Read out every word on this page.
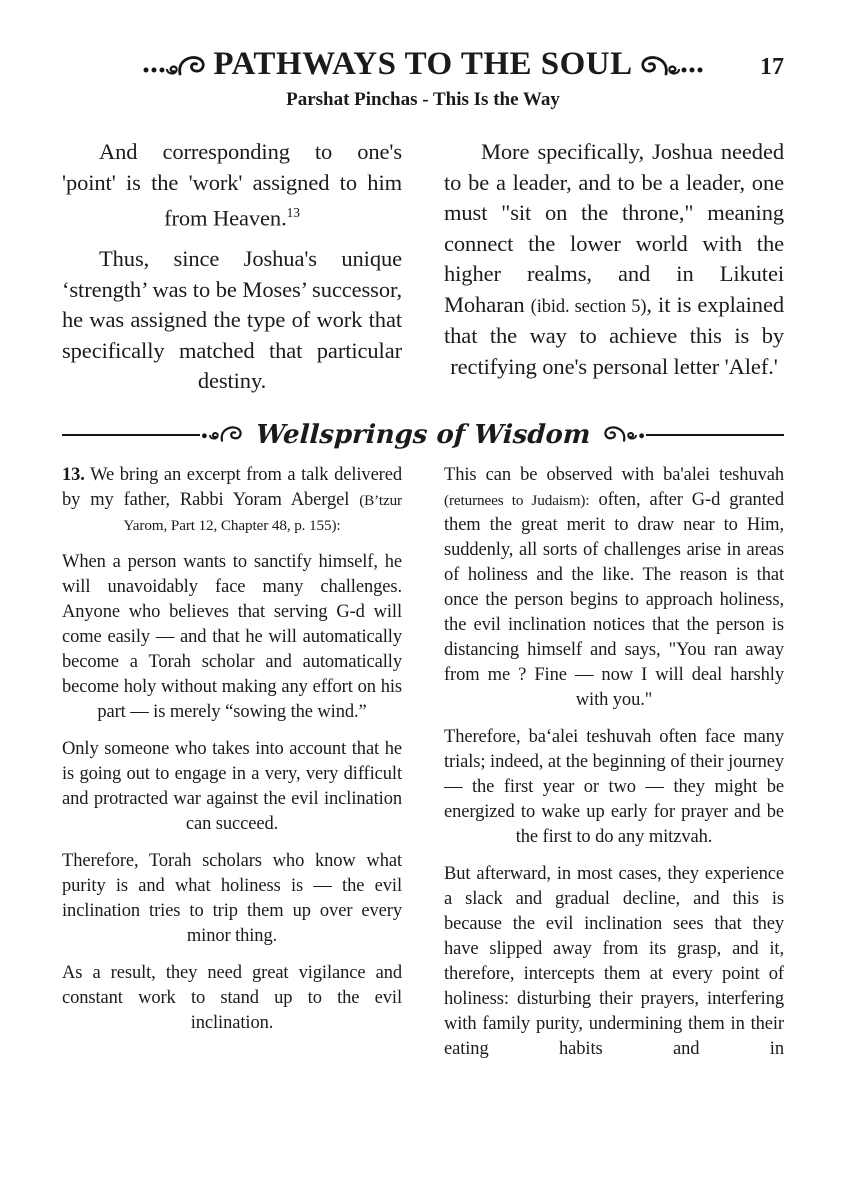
17
PATHWAYS TO THE SOUL
Parshat Pinchas - This Is the Way

And corresponding to one's 'point' is the 'work' assigned to him from Heaven.$^{13}$

Thus, since Joshua's unique ‘strength’ was to be Moses’ successor, he was assigned the type of work that specifically matched that particular destiny.

More specifically, Joshua needed to be a leader, and to be a leader, one must "sit on the throne," meaning connect the lower world with the higher realms, and in Likutei Moharan (ibid. section 5), it is explained that the way to achieve this is by rectifying one's personal letter 'Alef.'

Wellsprings of Wisdom

13. We bring an excerpt from a talk delivered by my father, Rabbi Yoram Abergel (B’tzur Yarom, Part 12, Chapter 48, p. 155):

When a person wants to sanctify himself, he will unavoidably face many challenges. Anyone who believes that serving G-d will come easily — and that he will automatically become a Torah scholar and automatically become holy without making any effort on his part — is merely “sowing the wind.”

Only someone who takes into account that he is going out to engage in a very, very difficult and protracted war against the evil inclination can succeed.

Therefore, Torah scholars who know what purity is and what holiness is — the evil inclination tries to trip them up over every minor thing.

As a result, they need great vigilance and constant work to stand up to the evil inclination.

This can be observed with ba'alei teshuvah (returnees to Judaism): often, after G-d granted them the great merit to draw near to Him, suddenly, all sorts of challenges arise in areas of holiness and the like. The reason is that once the person begins to approach holiness, the evil inclination notices that the person is distancing himself and says, "You ran away from me ? Fine — now I will deal harshly with you."

Therefore, ba‘alei teshuvah often face many trials; indeed, at the beginning of their journey — the first year or two — they might be energized to wake up early for prayer and be the first to do any mitzvah.

But afterward, in most cases, they experience a slack and gradual decline, and this is because the evil inclination sees that they have slipped away from its grasp, and it, therefore, intercepts them at every point of holiness: disturbing their prayers, interfering with family purity, undermining them in their eating habits and in
